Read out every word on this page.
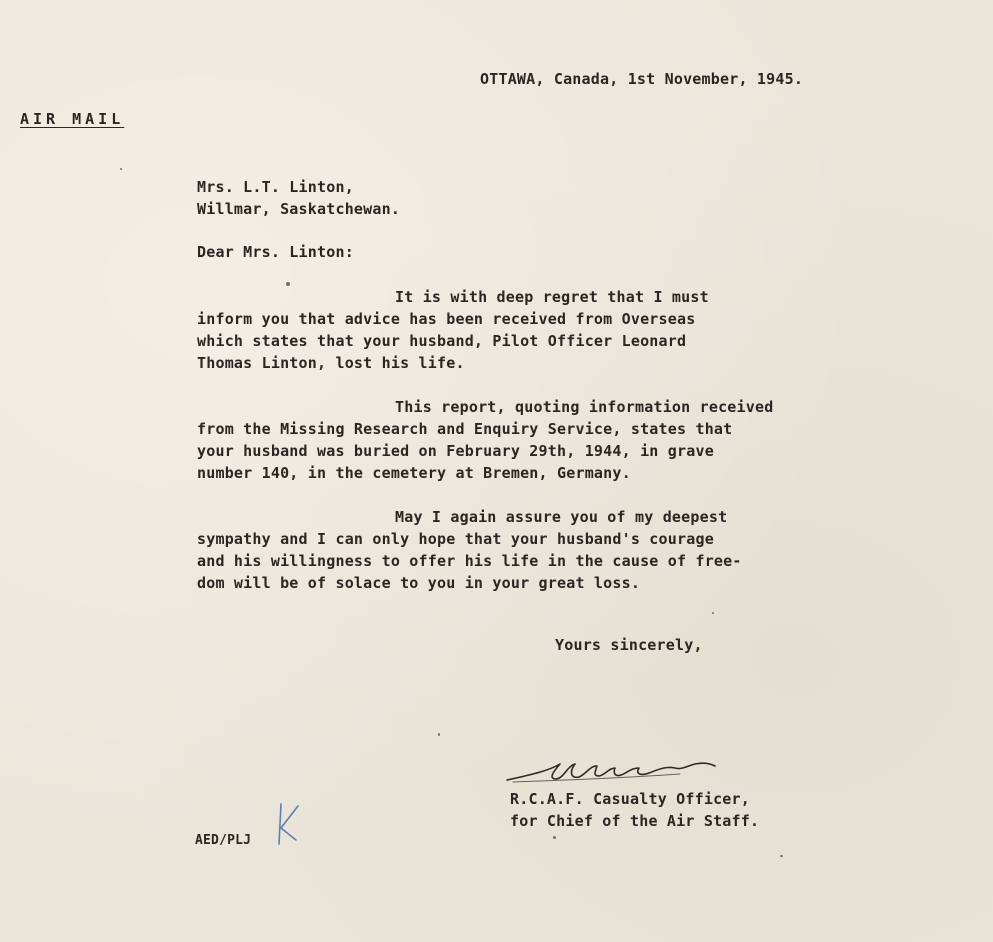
OTTAWA, Canada, 1st November, 1945.
AIR MAIL
Mrs. L.T. Linton,
Willmar, Saskatchewan.
Dear Mrs. Linton:
It is with deep regret that I must
inform you that advice has been received from Overseas
which states that your husband, Pilot Officer Leonard
Thomas Linton, lost his life.
This report, quoting information received
from the Missing Research and Enquiry Service, states that
your husband was buried on February 29th, 1944, in grave
number 140, in the cemetery at Bremen, Germany.
May I again assure you of my deepest
sympathy and I can only hope that your husband's courage
and his willingness to offer his life in the cause of free-
dom will be of solace to you in your great loss.
Yours sincerely,
R.C.A.F. Casualty Officer,
for Chief of the Air Staff.
AED/PLJ
